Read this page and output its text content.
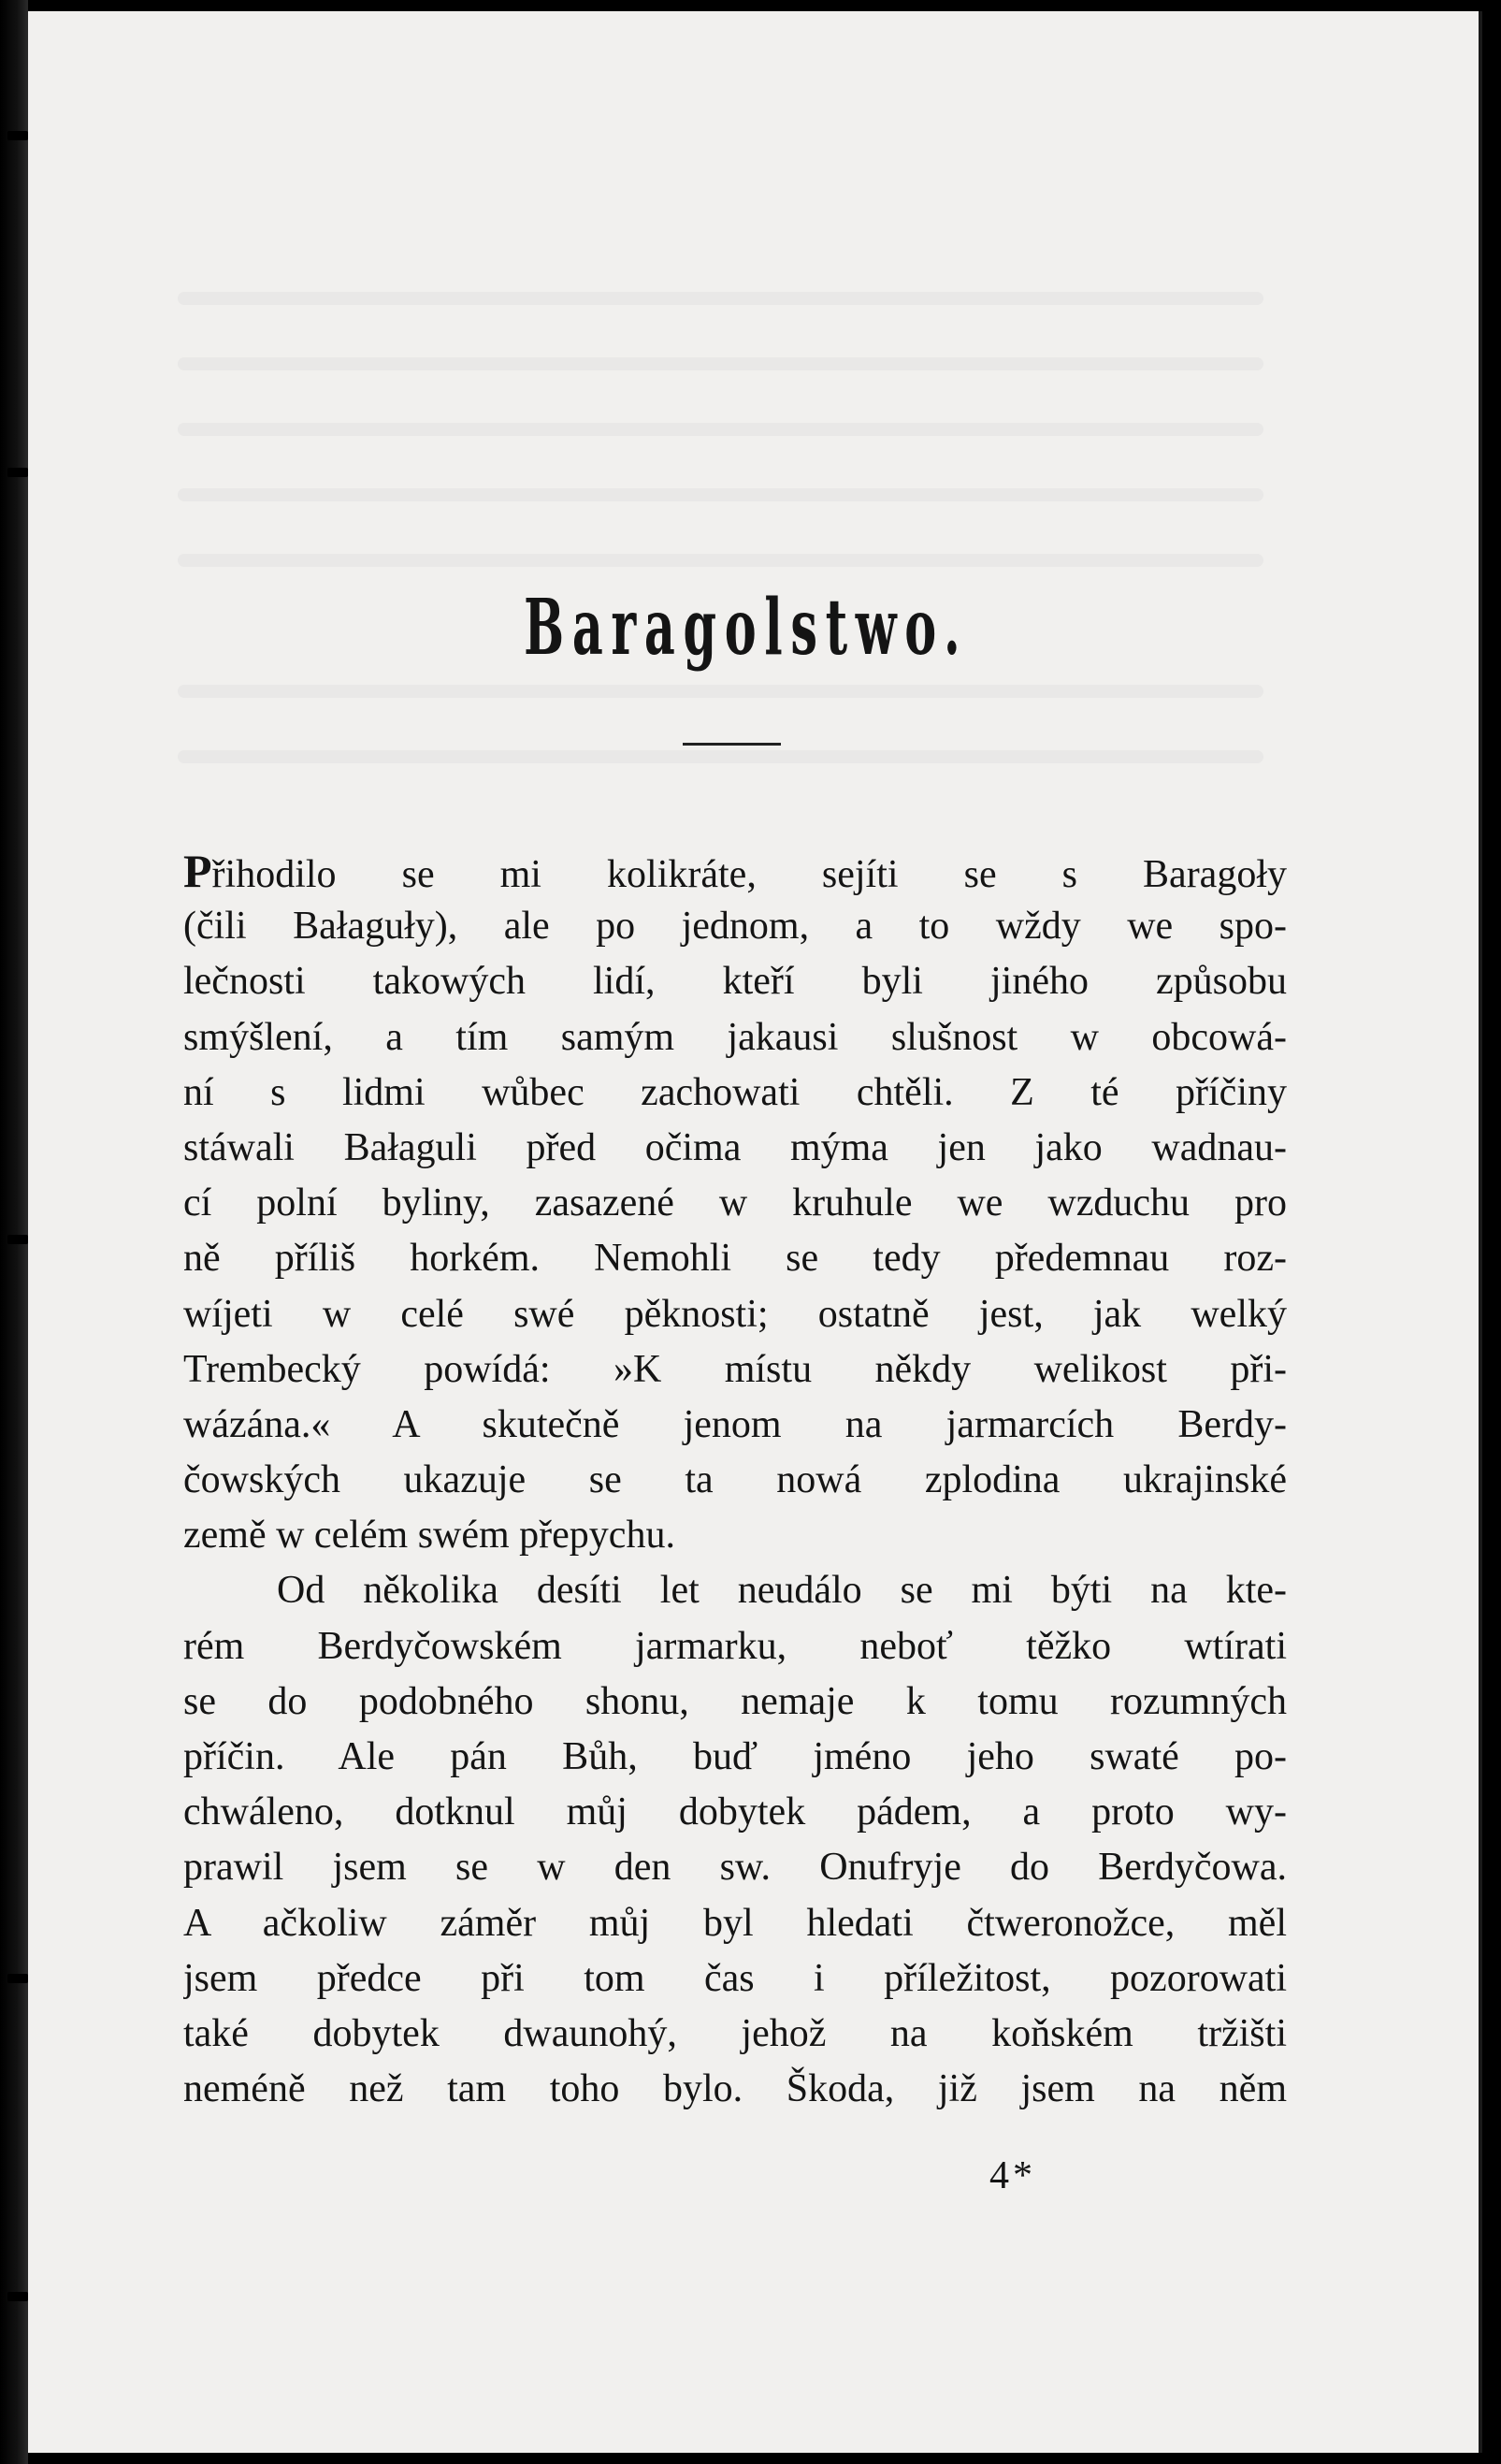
Baragolstwo.
Přihodilo se mi kolikráte, sejíti se s Baragoły
(čili Bałaguły), ale po jednom, a to wždy we spo-
lečnosti takowých lidí, kteří byli jiného způsobu
smýšlení, a tím samým jakausi slušnost w obcowá-
ní s lidmi wůbec zachowati chtěli. Z té příčiny
stáwali Bałaguli před očima mýma jen jako wadnau-
cí polní byliny, zasazené w kruhule we wzduchu pro
ně příliš horkém. Nemohli se tedy předemnau roz-
wíjeti w celé swé pěknosti; ostatně jest, jak welký
Trembecký powídá: »K místu někdy welikost při-
wázána.« A skutečně jenom na jarmarcích Berdy-
čowských ukazuje se ta nowá zplodina ukrajinské
země w celém swém přepychu.
Od několika desíti let neudálo se mi býti na kte-
rém Berdyčowském jarmarku, neboť těžko wtírati
se do podobného shonu, nemaje k tomu rozumných
příčin. Ale pán Bůh, buď jméno jeho swaté po-
chwáleno, dotknul můj dobytek pádem, a proto wy-
prawil jsem se w den sw. Onufryje do Berdyčowa.
A ačkoliw záměr můj byl hledati čtweronožce, měl
jsem předce při tom čas i příležitost, pozorowati
také dobytek dwaunohý, jehož na koňském tržišti
neméně než tam toho bylo. Škoda, již jsem na něm
4*
